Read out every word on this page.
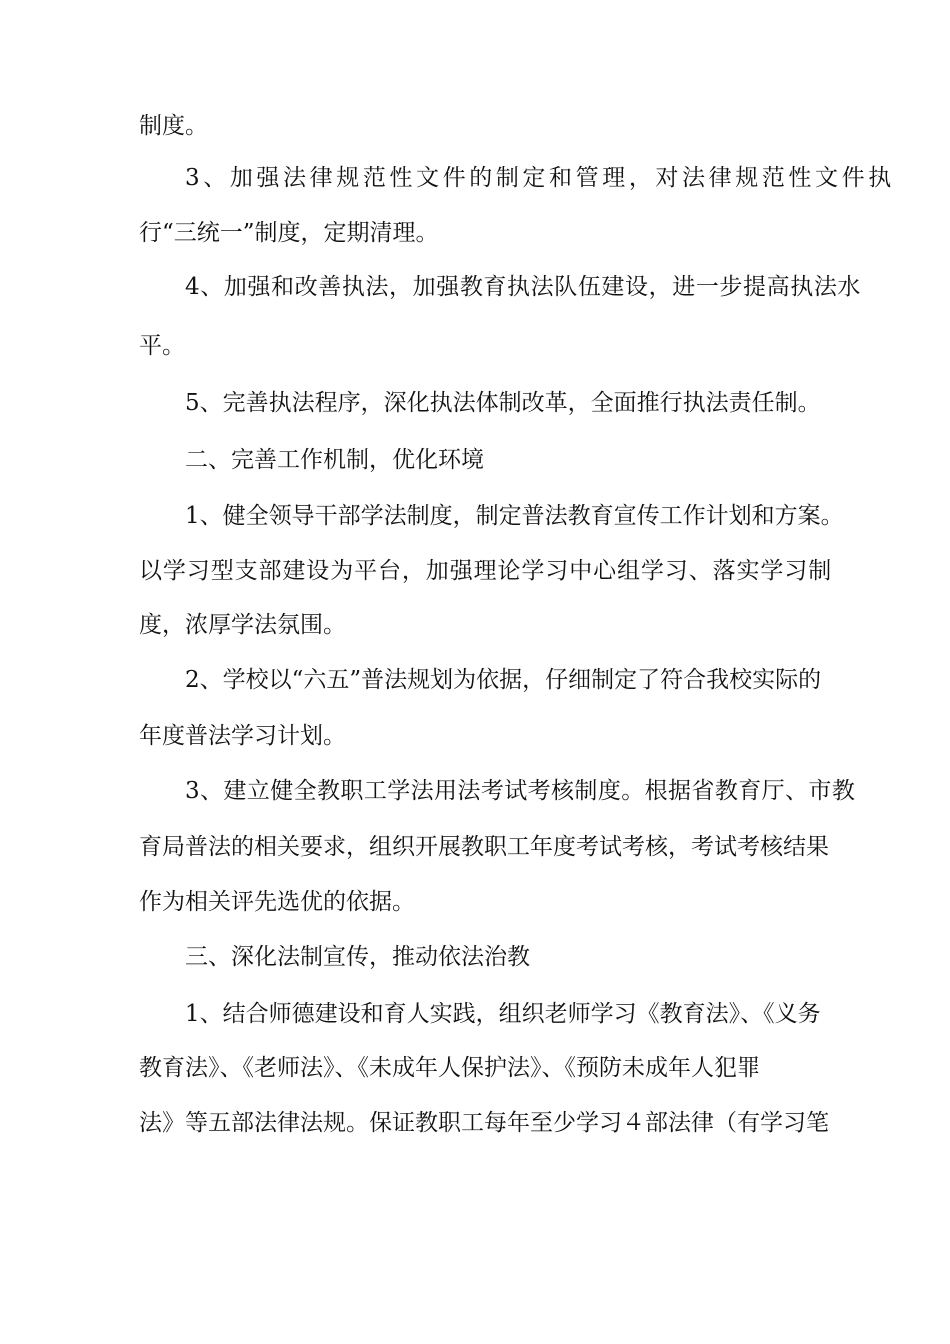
制度。
3、加强法律规范性文件的制定和管理，对法律规范性文件执
行“三统一”制度，定期清理。
4、加强和改善执法，加强教育执法队伍建设，进一步提高执法水
平。
5、完善执法程序，深化执法体制改革，全面推行执法责任制。
二、完善工作机制，优化环境
1、健全领导干部学法制度，制定普法教育宣传工作计划和方案。
以学习型支部建设为平台，加强理论学习中心组学习、落实学习制
度，浓厚学法氛围。
2、学校以“六五”普法规划为依据，仔细制定了符合我校实际的
年度普法学习计划。
3、建立健全教职工学法用法考试考核制度。根据省教育厅、市教
育局普法的相关要求，组织开展教职工年度考试考核，考试考核结果
作为相关评先选优的依据。
三、深化法制宣传，推动依法治教
1、结合师德建设和育人实践，组织老师学习《教育法》、《义务
教育法》、《老师法》、《未成年人保护法》、《预防未成年人犯罪
法》等五部法律法规。保证教职工每年至少学习４部法律（有学习笔
